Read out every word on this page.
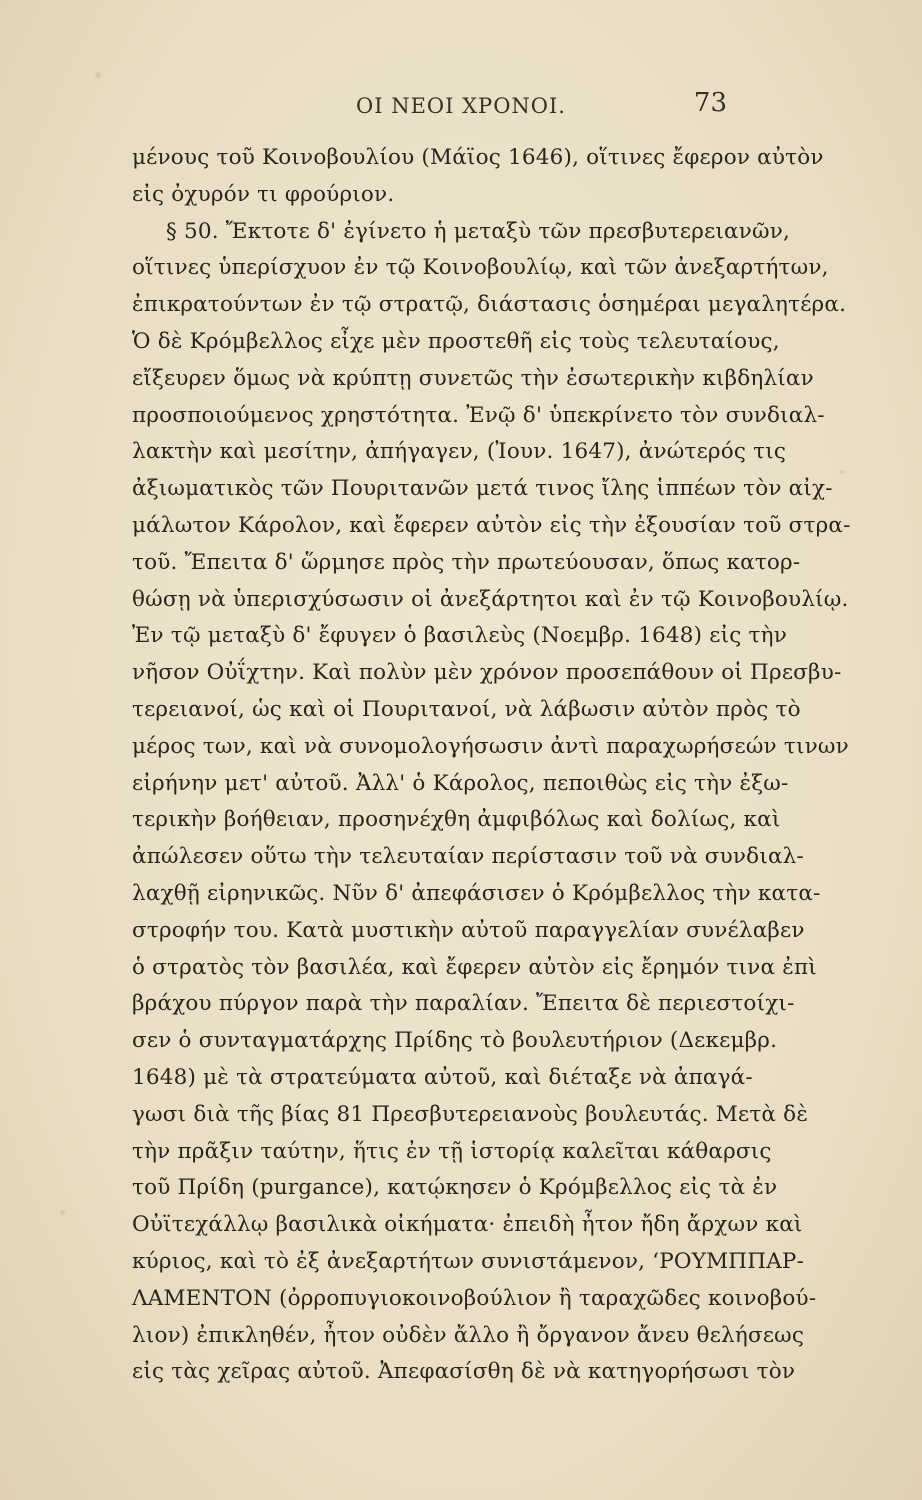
ΟΙ ΝΕΟΙ ΧΡΟΝΟΙ.	73
μένους τοῦ Κοινοβουλίου (Μάϊος 1646), οἵτινες ἔφερον αὐτὸν
εἰς ὀχυρόν τι φρούριον.
§ 50. Ἔκτοτε δ' ἐγίνετο ἡ μεταξὺ τῶν πρεσβυτερειανῶν,
οἵτινες ὑπερίσχυον ἐν τῷ Κοινοβουλίῳ, καὶ τῶν ἀνεξαρτήτων,
ἐπικρατούντων ἐν τῷ στρατῷ, διάστασις ὁσημέραι μεγαλητέρα.
Ὁ δὲ Κρόμβελλος εἶχε μὲν προστεθῆ εἰς τοὺς τελευταίους,
εἴξευρεν ὅμως νὰ κρύπτῃ συνετῶς τὴν ἐσωτερικὴν κιβδηλίαν
προσποιούμενος χρηστότητα. Ἐνῷ δ' ὑπεκρίνετο τὸν συνδιαλ-
λακτὴν καὶ μεσίτην, ἀπήγαγεν, (Ἰουν. 1647), ἀνώτερός τις
ἀξιωματικὸς τῶν Πουριτανῶν μετά τινος ἴλης ἱππέων τὸν αἰχ-
μάλωτον Κάρολον, καὶ ἔφερεν αὐτὸν εἰς τὴν ἐξουσίαν τοῦ στρα-
τοῦ. Ἔπειτα δ' ὥρμησε πρὸς τὴν πρωτεύουσαν, ὅπως κατορ-
θώσῃ νὰ ὑπερισχύσωσιν οἱ ἀνεξάρτητοι καὶ ἐν τῷ Κοινοβουλίῳ.
Ἐν τῷ μεταξὺ δ' ἔφυγεν ὁ βασιλεὺς (Νοεμβρ. 1648) εἰς τὴν
νῆσον Οὐΐχτην. Καὶ πολὺν μὲν χρόνον προσεπάθουν οἱ Πρεσβυ-
τερειανοί, ὡς καὶ οἱ Πουριτανοί, νὰ λάβωσιν αὐτὸν πρὸς τὸ
μέρος των, καὶ νὰ συνομολογήσωσιν ἀντὶ παραχωρήσεών τινων
εἰρήνην μετ' αὐτοῦ. Ἀλλ' ὁ Κάρολος, πεποιθὼς εἰς τὴν ἐξω-
τερικὴν βοήθειαν, προσηνέχθη ἀμφιβόλως καὶ δολίως, καὶ
ἀπώλεσεν οὕτω τὴν τελευταίαν περίστασιν τοῦ νὰ συνδιαλ-
λαχθῇ εἰρηνικῶς. Νῦν δ' ἀπεφάσισεν ὁ Κρόμβελλος τὴν κατα-
στροφήν του. Κατὰ μυστικὴν αὐτοῦ παραγγελίαν συνέλαβεν
ὁ στρατὸς τὸν βασιλέα, καὶ ἔφερεν αὐτὸν εἰς ἔρημόν τινα ἐπὶ
βράχου πύργον παρὰ τὴν παραλίαν. Ἔπειτα δὲ περιεστοίχι-
σεν ὁ συνταγματάρχης Πρίδης τὸ βουλευτήριον (Δεκεμβρ.
1648) μὲ τὰ στρατεύματα αὐτοῦ, καὶ διέταξε νὰ ἀπαγά-
γωσι διὰ τῆς βίας 81 Πρεσβυτερειανοὺς βουλευτάς. Μετὰ δὲ
τὴν πρᾶξιν ταύτην, ἥτις ἐν τῇ ἱστορίᾳ καλεῖται κάθαρσις
τοῦ Πρίδη (purgance), κατῴκησεν ὁ Κρόμβελλος εἰς τὰ ἐν
Οὐϊτεχάλλῳ βασιλικὰ οἰκήματα· ἐπειδὴ ἦτον ἤδη ἄρχων καὶ
κύριος, καὶ τὸ ἐξ ἀνεξαρτήτων συνιστάμενον, ‘ΡΟΥΜΠΠΑΡ-
ΛΑΜΕΝΤΟΝ (ὀρροπυγιοκοινοβούλιον ἢ ταραχῶδες κοινοβού-
λιον) ἐπικληθέν, ἦτον οὐδὲν ἄλλο ἢ ὄργανον ἄνευ θελήσεως
εἰς τὰς χεῖρας αὐτοῦ. Ἀπεφασίσθη δὲ νὰ κατηγορήσωσι τὸν
